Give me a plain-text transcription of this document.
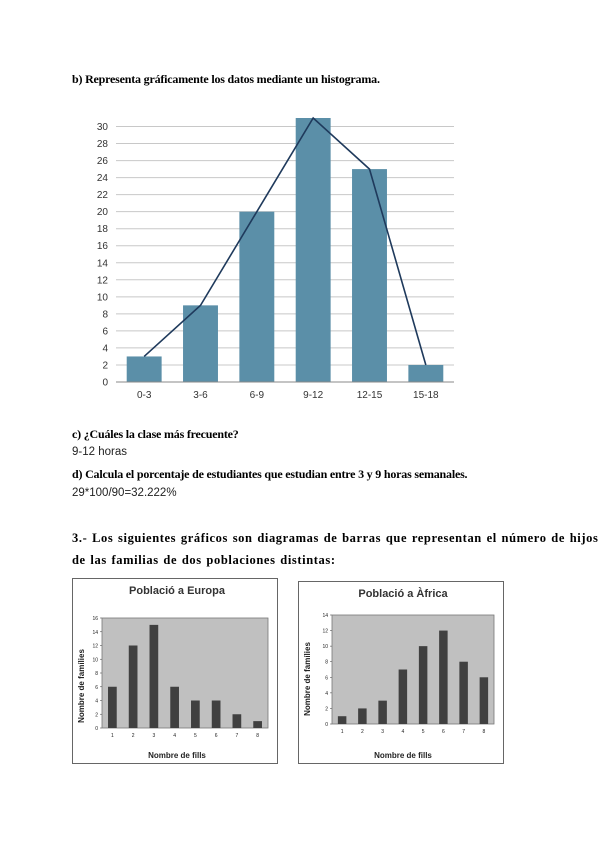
b) Representa gráficamente los datos mediante un histograma.
0
2
4
6
8
10
12
14
16
18
20
22
24
26
28
30
0-3	3-6	6-9	9-12	12-15	15-18
c) ¿Cuáles la clase más frecuente?
9-12 horas
d) Calcula el porcentaje de estudiantes que estudian entre 3 y 9 horas semanales.
29*100/90=32.222%
3.- Los siguientes gráficos son diagramas de barras que representan el número de hijos
de las familias de dos poblaciones distintas:
Població a Europa
0
2
4
6
8
10
12
14
16
1	2	3	4	5	6	7	8
Nombre de fills
Nombre de famílies
Població a Àfrica
0
2
4
6
8
10
12
14
1	2	3	4	5	6	7	8
Nombre de fills
Nombre de famílies
